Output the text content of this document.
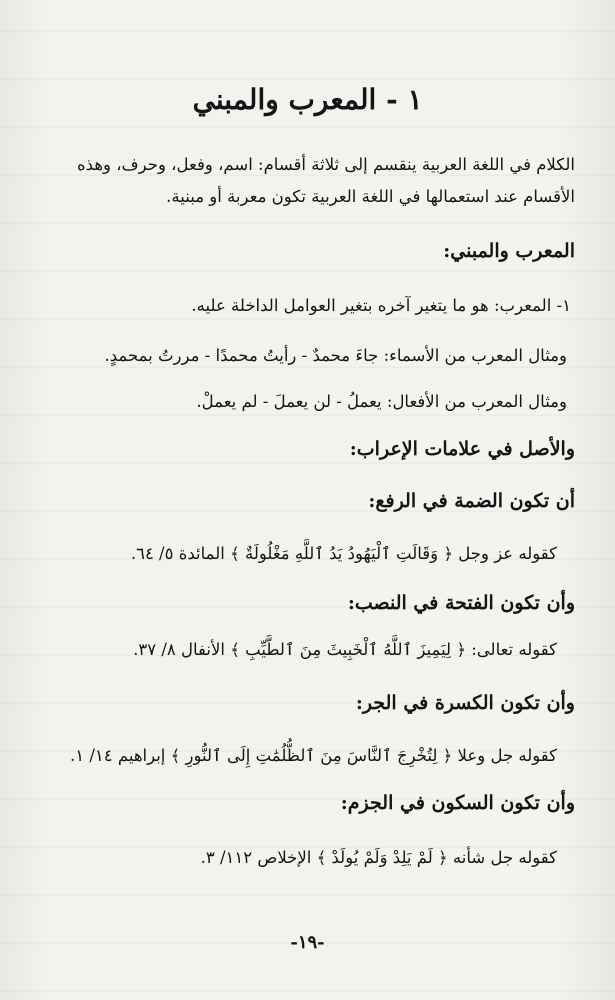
١ - المعرب والمبني
الكلام في اللغة العربية ينقسم إلى ثلاثة أقسام: اسم، وفعل، وحرف، وهذه
الأقسام عند استعمالها في اللغة العربية تكون معربة أو مبنية.
المعرب والمبني:
١- المعرب: هو ما يتغير آخره بتغير العوامل الداخلة عليه.
ومثال المعرب من الأسماء: جاءَ محمدٌ - رأيتُ محمدًا - مررتُ بمحمدٍ.
ومثال المعرب من الأفعال: يعملُ - لن يعملَ - لم يعملْ.
والأصل في علامات الإعراب:
أن تكون الضمة في الرفع:
كقوله عز وجل ﴿ وَقَالَتِ ٱلْيَهُودُ يَدُ ٱللَّهِ مَغْلُولَةٌ ﴾ المائدة ٥/ ٦٤.
وأن تكون الفتحة في النصب:
كقوله تعالى: ﴿ لِيَمِيزَ ٱللَّهُ ٱلْخَبِيثَ مِنَ ٱلطَّيِّبِ ﴾ الأنفال ٨/ ٣٧.
وأن تكون الكسرة في الجر:
كقوله جل وعلا ﴿ لِتُخْرِجَ ٱلنَّاسَ مِنَ ٱلظُّلُمَٰتِ إِلَى ٱلنُّورِ ﴾ إبراهيم ١٤/ ١.
وأن تكون السكون في الجزم:
كقوله جل شأنه ﴿ لَمْ يَلِدْ وَلَمْ يُولَدْ ﴾ الإخلاص ١١٢/ ٣.
-١٩-
